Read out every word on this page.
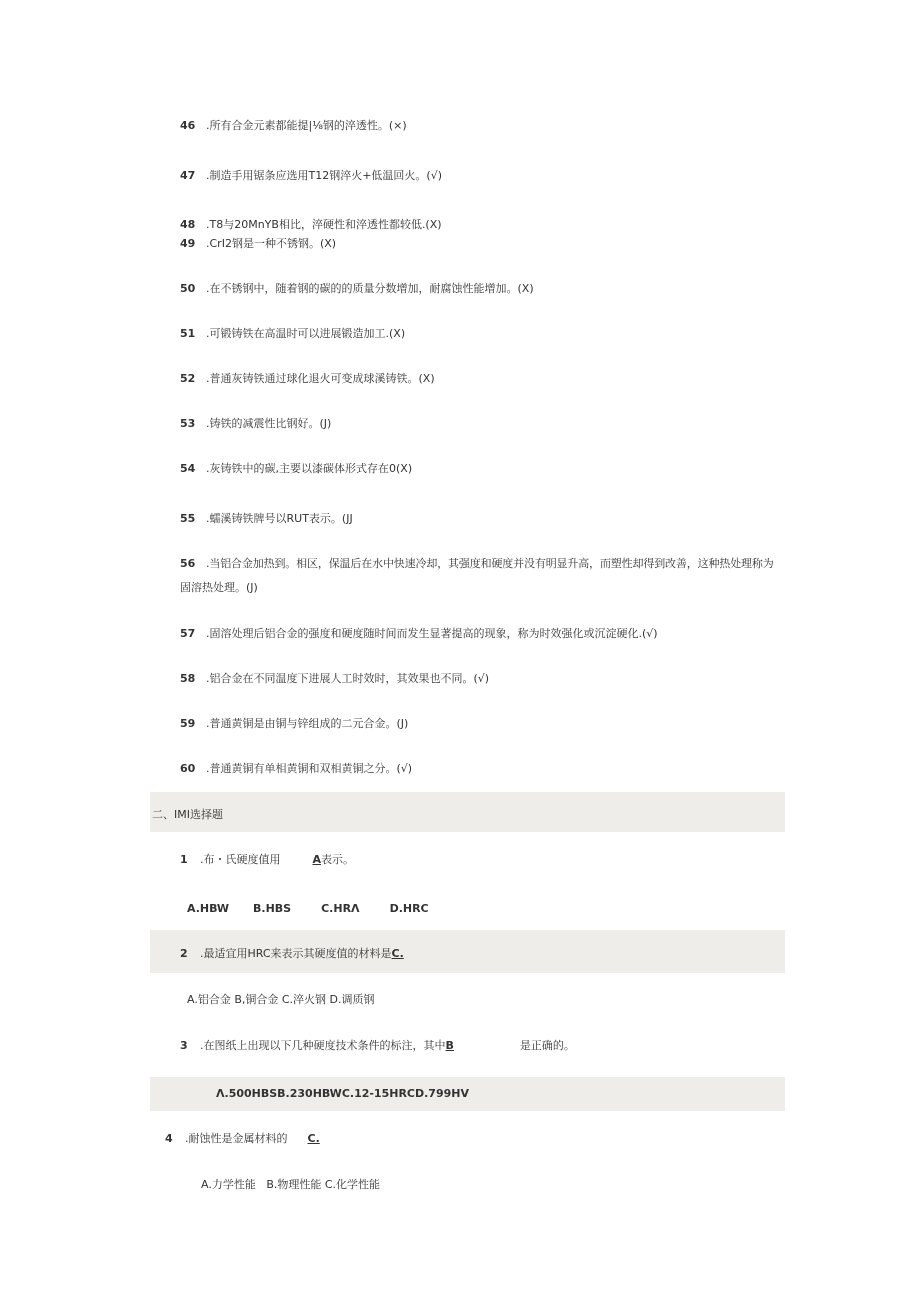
46 .所有合金元素都能提|⅛钢的淬透性。(×)
47 .制造手用锯条应选用T12钢淬火+低温回火。(√)
48 .T8与20MnYB相比，淬硬性和淬透性都较低.(X)
49 .CrI2钢是一种不锈钢。(X)
50 .在不锈钢中，随着钢的碳的的质量分数增加，耐腐蚀性能增加。(X)
51 .可锻铸铁在高温时可以进展锻造加工.(X)
52 .普通灰铸铁通过球化退火可变成球溪铸铁。(X)
53 .铸铁的减震性比钢好。(J)
54 .灰铸铁中的碳,主要以漆碳体形式存在0(X)
55 .蠕溪铸铁牌号以RUT表示。(JJ
56 .当铝合金加热到。相区，保温后在水中快速冷却，其强度和硬度并没有明显升高，而塑性却得到改善，这种热处理称为
固溶热处理。(J)
57 .固溶处理后铝合金的强度和硬度随时间而发生显著提高的现象，称为时效强化或沉淀硬化.(√)
58 .铝合金在不同温度下进展人工时效时，其效果也不同。(√)
59 .普通黄铜是由铜与锌组成的二元合金。(J)
60 .普通黄铜有单相黄铜和双相黄铜之分。(√)
二、IMI选择题
1 .布・氏硬度值用	A表示。
A.HBW B.HBS	C.HRΛ	D.HRC
2 .最适宜用HRC来表示其硬度值的材料是C.
A.铝合金 B,铜合金 C.淬火钢 D.调质钢
3 .在图纸上出现以下几种硬度技术条件的标注，其中B	是正确的。
Λ.500HBSB.230HBWC.12-15HRCD.799HV
4 .耐蚀性是金属材料的 C.
A.力学性能   B.物理性能 C.化学性能
